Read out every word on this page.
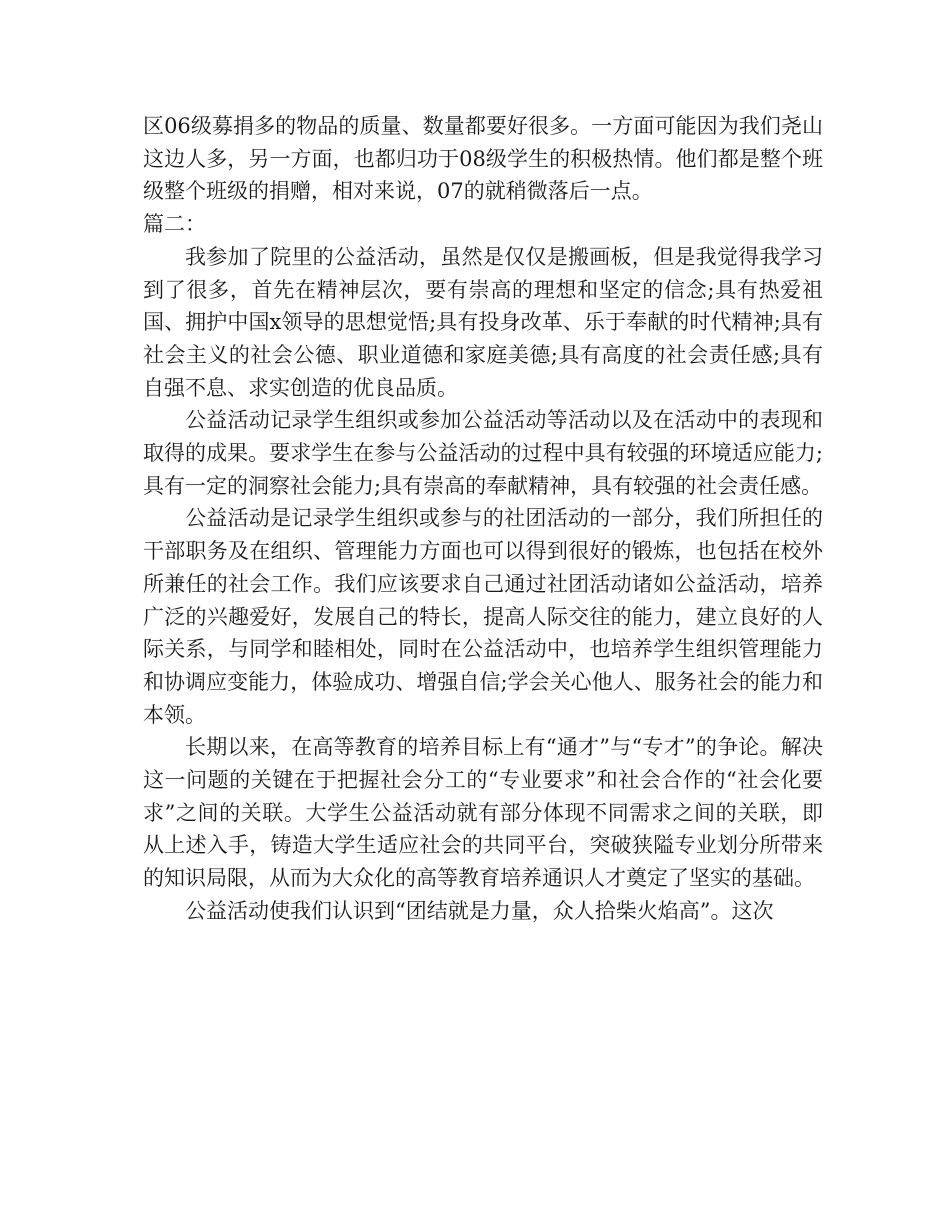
区06级募捐多的物品的质量、数量都要好很多。一方面可能因为我们尧山这边人多，另一方面，也都归功于08级学生的积极热情。他们都是整个班级整个班级的捐赠，相对来说，07的就稍微落后一点。

篇二：

我参加了院里的公益活动，虽然是仅仅是搬画板，但是我觉得我学习到了很多，首先在精神层次，要有崇高的理想和坚定的信念;具有热爱祖国、拥护中国x领导的思想觉悟;具有投身改革、乐于奉献的时代精神;具有社会主义的社会公德、职业道德和家庭美德;具有高度的社会责任感;具有自强不息、求实创造的优良品质。

公益活动记录学生组织或参加公益活动等活动以及在活动中的表现和取得的成果。要求学生在参与公益活动的过程中具有较强的环境适应能力;具有一定的洞察社会能力;具有崇高的奉献精神，具有较强的社会责任感。

公益活动是记录学生组织或参与的社团活动的一部分，我们所担任的干部职务及在组织、管理能力方面也可以得到很好的锻炼，也包括在校外所兼任的社会工作。我们应该要求自己通过社团活动诸如公益活动，培养广泛的兴趣爱好，发展自己的特长，提高人际交往的能力，建立良好的人际关系，与同学和睦相处，同时在公益活动中，也培养学生组织管理能力和协调应变能力，体验成功、增强自信;学会关心他人、服务社会的能力和本领。

长期以来，在高等教育的培养目标上有“通才”与“专才”的争论。解决这一问题的关键在于把握社会分工的“专业要求”和社会合作的“社会化要求”之间的关联。大学生公益活动就有部分体现不同需求之间的关联，即从上述入手，铸造大学生适应社会的共同平台，突破狭隘专业划分所带来的知识局限，从而为大众化的高等教育培养通识人才奠定了坚实的基础。

公益活动使我们认识到“团结就是力量，众人拾柴火焰高”。这次
